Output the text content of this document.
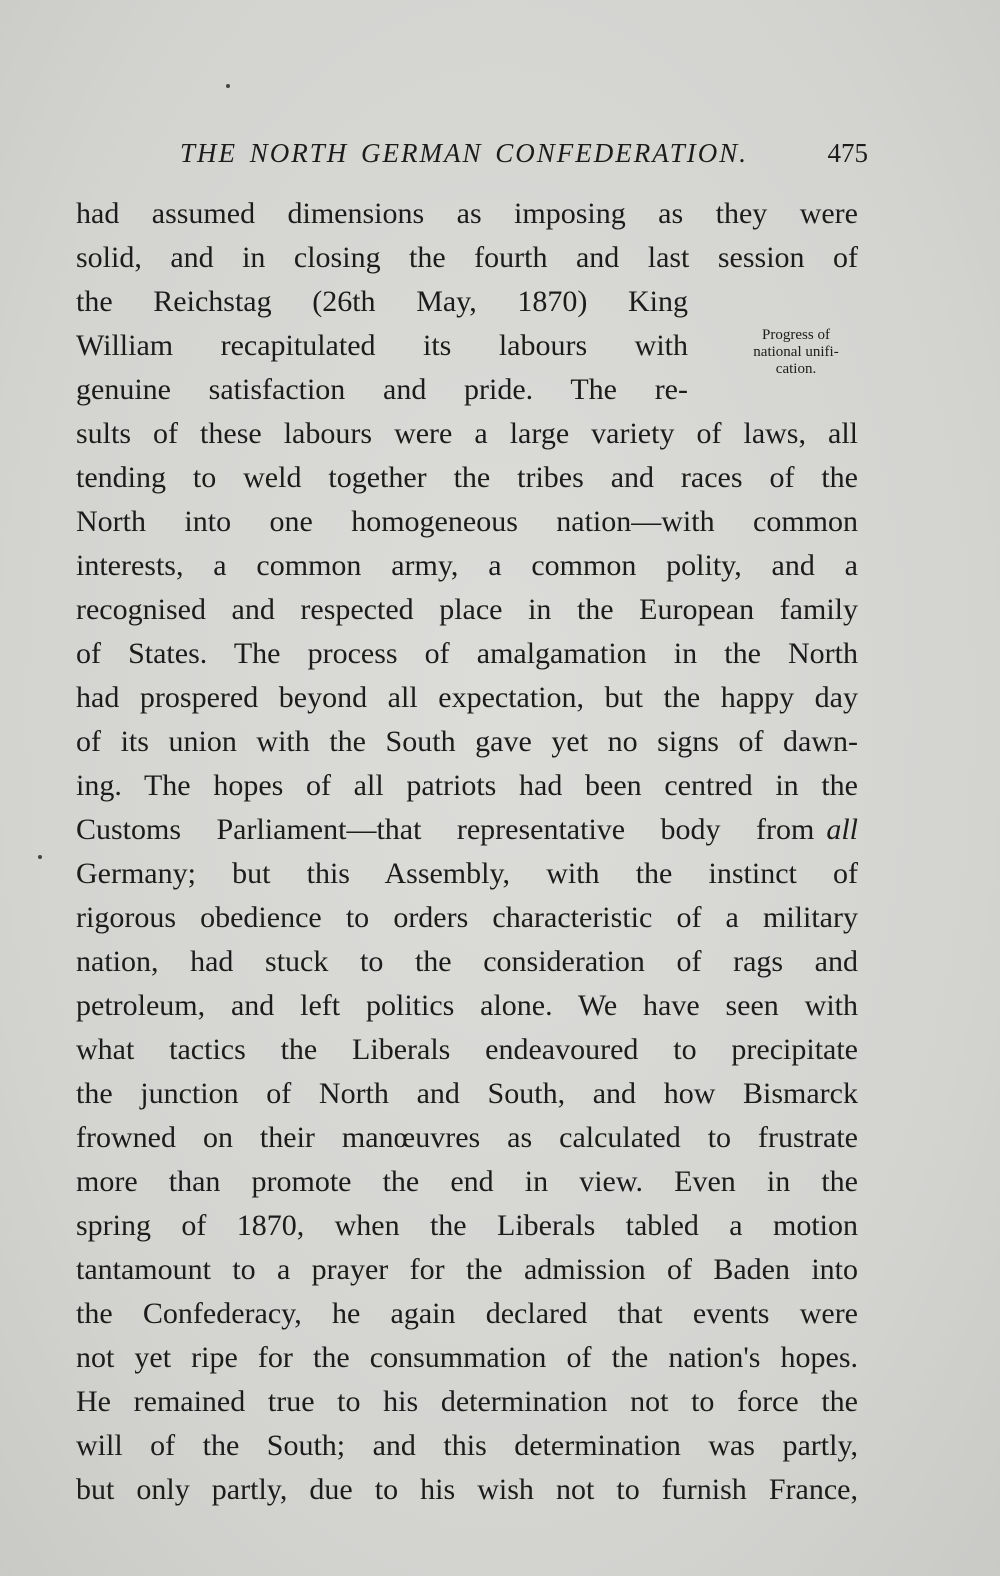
THE NORTH GERMAN CONFEDERATION.	475
Progress of
national unifi-
cation.

had assumed dimensions as imposing as they were

solid, and in closing the fourth and last session of

the Reichstag (26th May, 1870) King

William recapitulated its labours with

genuine satisfaction and pride. The re-

sults of these labours were a large variety of laws, all

tending to weld together the tribes and races of the

North into one homogeneous nation—with common

interests, a common army, a common polity, and a

recognised and respected place in the European family

of States. The process of amalgamation in the North

had prospered beyond all expectation, but the happy day

of its union with the South gave yet no signs of dawn-

ing. The hopes of all patriots had been centred in the

Customs Parliament—that representative body from all

Germany; but this Assembly, with the instinct of

rigorous obedience to orders characteristic of a military

nation, had stuck to the consideration of rags and

petroleum, and left politics alone. We have seen with

what tactics the Liberals endeavoured to precipitate

the junction of North and South, and how Bismarck

frowned on their manœuvres as calculated to frustrate

more than promote the end in view. Even in the

spring of 1870, when the Liberals tabled a motion

tantamount to a prayer for the admission of Baden into

the Confederacy, he again declared that events were

not yet ripe for the consummation of the nation's hopes.

He remained true to his determination not to force the

will of the South; and this determination was partly,

but only partly, due to his wish not to furnish France,
